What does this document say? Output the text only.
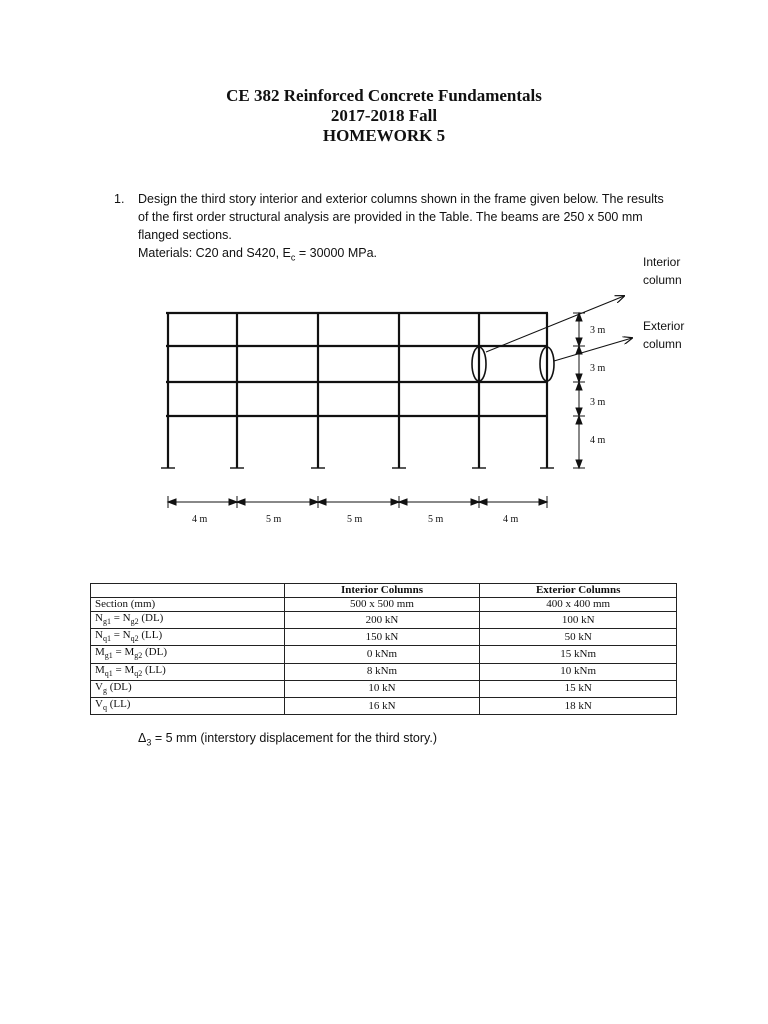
CE 382 Reinforced Concrete Fundamentals
2017-2018 Fall
HOMEWORK 5
1. Design the third story interior and exterior columns shown in the frame given below. The results of the first order structural analysis are provided in the Table. The beams are 250 x 500 mm flanged sections.
Materials: C20 and S420, $E_c = 30000$ MPa.
3 m
3 m
3 m
4 m
4 m	5 m	5 m	5 m	4 m
Interior
column
Exterior
column
	Interior Columns	Exterior Columns
Section (mm)	500 x 500 mm	400 x 400 mm
$N_{g1} = N_{g2}$ (DL)	200 kN	100 kN
$N_{q1} = N_{q2}$ (LL)	150 kN	50 kN
$M_{g1} = M_{g2}$ (DL)	0 kNm	15 kNm
$M_{q1} = M_{q2}$ (LL)	8 kNm	10 kNm
$V_g$ (DL)	10 kN	15 kN
$V_q$ (LL)	16 kN	18 kN
$\Delta_3 = 5$ mm (interstory displacement for the third story.)
